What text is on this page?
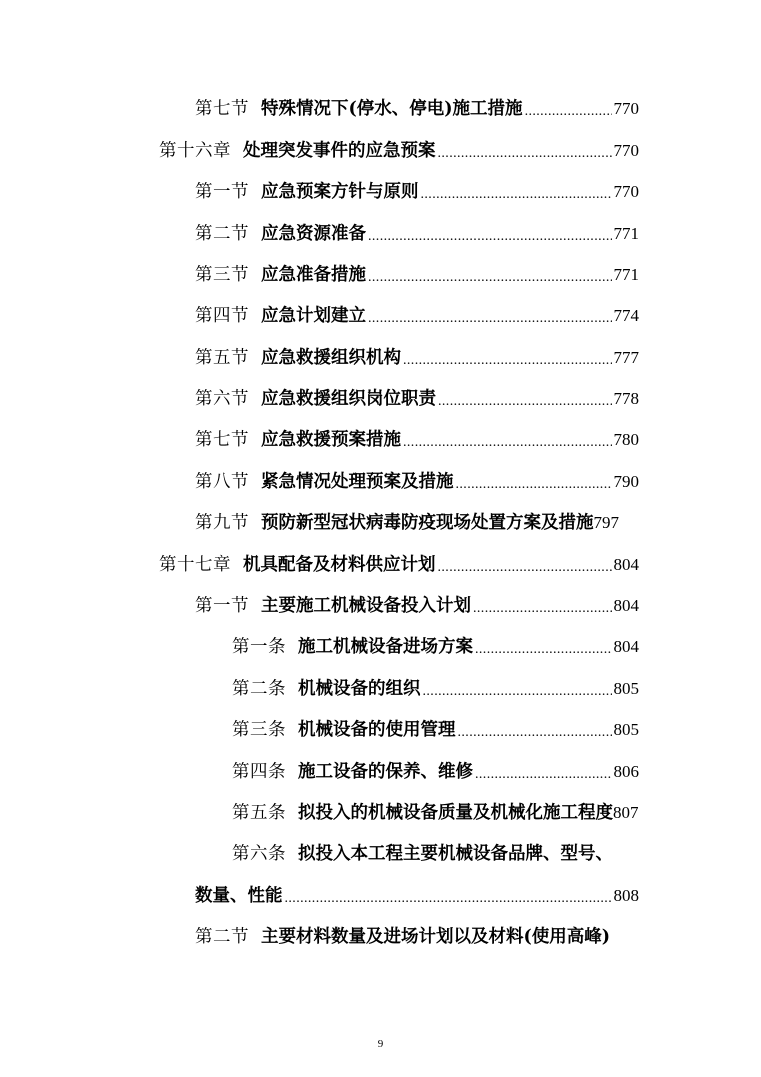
第七节 特殊情况下(停水、停电)施工措施 .....	770
第十六章 处理突发事件的应急预案 .....	770
第一节 应急预案方针与原则 .....	770
第二节 应急资源准备 .....	771
第三节 应急准备措施 .....	771
第四节 应急计划建立 .....	774
第五节 应急救援组织机构 .....	777
第六节 应急救援组织岗位职责 .....	778
第七节 应急救援预案措施 .....	780
第八节 紧急情况处理预案及措施 .....	790
第九节 预防新型冠状病毒防疫现场处置方案及措施 797
第十七章 机具配备及材料供应计划 .....	804
第一节 主要施工机械设备投入计划 .....	804
第一条 施工机械设备进场方案 .....	804
第二条 机械设备的组织 .....	805
第三条 机械设备的使用管理 .....	805
第四条 施工设备的保养、维修 .....	806
第五条 拟投入的机械设备质量及机械化施工程度 807
第六条 拟投入本工程主要机械设备品牌、型号、
数量、性能 .....	808
第二节 主要材料数量及进场计划以及材料(使用高峰)
9
